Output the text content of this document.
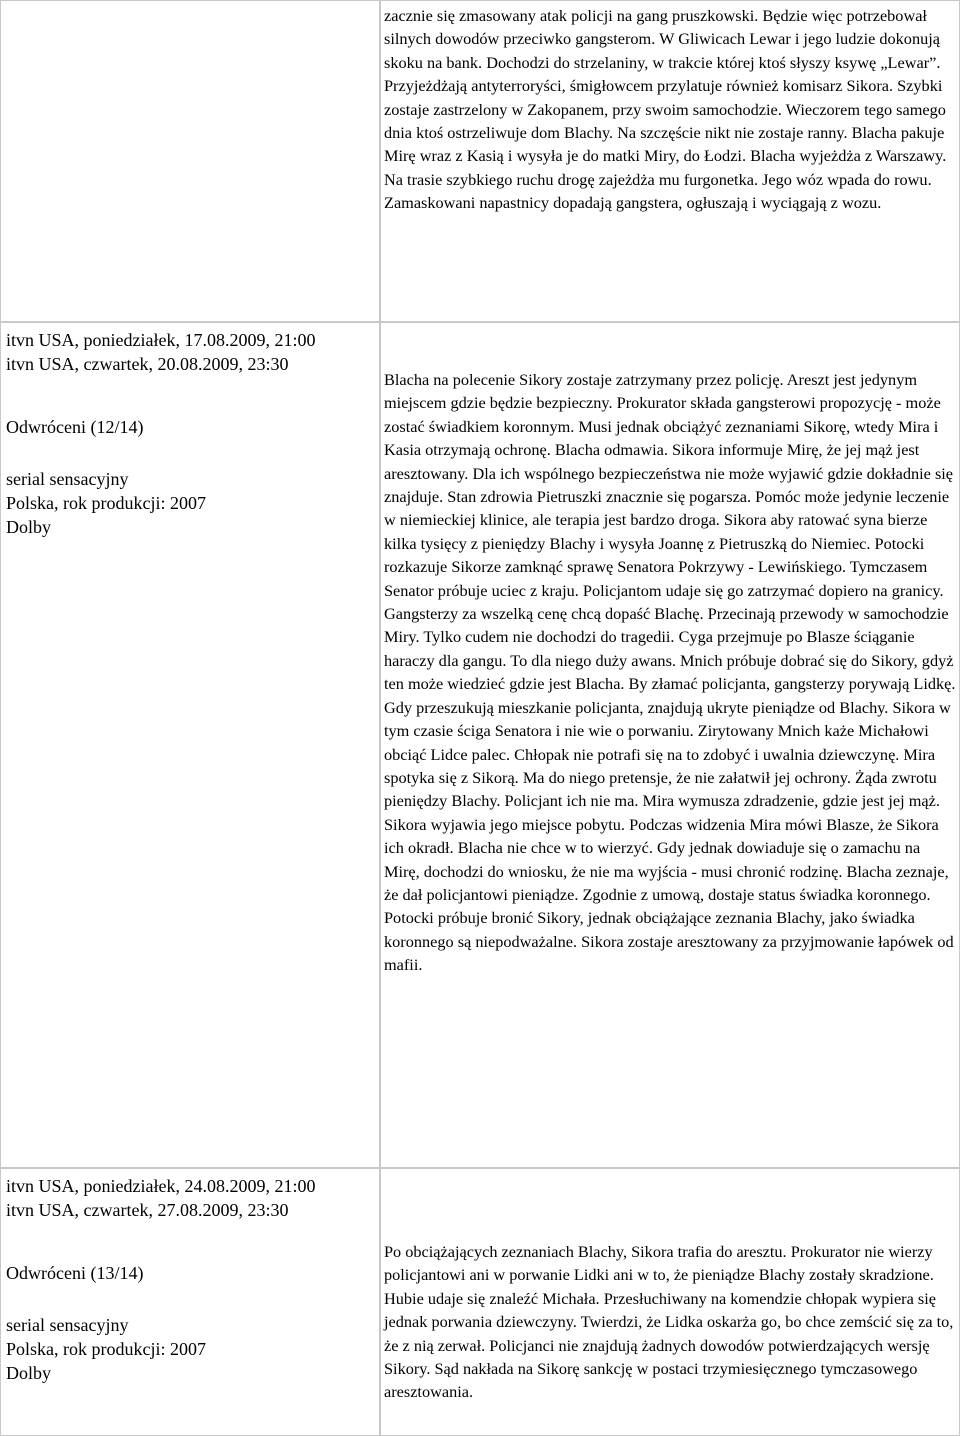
zacznie się zmasowany atak policji na gang pruszkowski. Będzie więc potrzebował silnych dowodów przeciwko gangsterom. W Gliwicach Lewar i jego ludzie dokonują skoku na bank. Dochodzi do strzelaniny, w trakcie której ktoś słyszy ksywę „Lewar”. Przyjeżdżają antyterroryści, śmigłowcem przylatuje również komisarz Sikora. Szybki zostaje zastrzelony w Zakopanem, przy swoim samochodzie. Wieczorem tego samego dnia ktoś ostrzeliwuje dom Blachy. Na szczęście nikt nie zostaje ranny. Blacha pakuje Mirę wraz z Kasią i wysyła je do matki Miry, do Łodzi. Blacha wyjeżdża z Warszawy. Na trasie szybkiego ruchu drogę zajeżdża mu furgonetka. Jego wóz wpada do rowu. Zamaskowani napastnicy dopadają gangstera, ogłuszają i wyciągają z wozu.

itvn USA, poniedziałek, 17.08.2009, 21:00
itvn USA, czwartek, 20.08.2009, 23:30
Odwróceni (12/14)
serial sensacyjny
Polska, rok produkcji: 2007
Dolby

Blacha na polecenie Sikory zostaje zatrzymany przez policję. Areszt jest jedynym miejscem gdzie będzie bezpieczny. Prokurator składa gangsterowi propozycję - może zostać świadkiem koronnym. Musi jednak obciążyć zeznaniami Sikorę, wtedy Mira i Kasia otrzymają ochronę. Blacha odmawia. Sikora informuje Mirę, że jej mąż jest aresztowany. Dla ich wspólnego bezpieczeństwa nie może wyjawić gdzie dokładnie się znajduje. Stan zdrowia Pietruszki znacznie się pogarsza. Pomóc może jedynie leczenie w niemieckiej klinice, ale terapia jest bardzo droga. Sikora aby ratować syna bierze kilka tysięcy z pieniędzy Blachy i wysyła Joannę z Pietruszką do Niemiec. Potocki rozkazuje Sikorze zamknąć sprawę Senatora Pokrzywy - Lewińskiego. Tymczasem Senator próbuje uciec z kraju. Policjantom udaje się go zatrzymać dopiero na granicy. Gangsterzy za wszelką cenę chcą dopaść Blachę. Przecinają przewody w samochodzie Miry. Tylko cudem nie dochodzi do tragedii. Cyga przejmuje po Blasze ściąganie haraczy dla gangu. To dla niego duży awans. Mnich próbuje dobrać się do Sikory, gdyż ten może wiedzieć gdzie jest Blacha. By złamać policjanta, gangsterzy porywają Lidkę. Gdy przeszukują mieszkanie policjanta, znajdują ukryte pieniądze od Blachy. Sikora w tym czasie ściga Senatora i nie wie o porwaniu. Zirytowany Mnich każe Michałowi obciąć Lidce palec. Chłopak nie potrafi się na to zdobyć i uwalnia dziewczynę. Mira spotyka się z Sikorą. Ma do niego pretensje, że nie załatwił jej ochrony. Żąda zwrotu pieniędzy Blachy. Policjant ich nie ma. Mira wymusza zdradzenie, gdzie jest jej mąż. Sikora wyjawia jego miejsce pobytu. Podczas widzenia Mira mówi Blasze, że Sikora ich okradł. Blacha nie chce w to wierzyć. Gdy jednak dowiaduje się o zamachu na Mirę, dochodzi do wniosku, że nie ma wyjścia - musi chronić rodzinę. Blacha zeznaje, że dał policjantowi pieniądze. Zgodnie z umową, dostaje status świadka koronnego. Potocki próbuje bronić Sikory, jednak obciążające zeznania Blachy, jako świadka koronnego są niepodważalne. Sikora zostaje aresztowany za przyjmowanie łapówek od mafii.

itvn USA, poniedziałek, 24.08.2009, 21:00
itvn USA, czwartek, 27.08.2009, 23:30
Odwróceni (13/14)
serial sensacyjny
Polska, rok produkcji: 2007
Dolby

Po obciążających zeznaniach Blachy, Sikora trafia do aresztu. Prokurator nie wierzy policjantowi ani w porwanie Lidki ani w to, że pieniądze Blachy zostały skradzione. Hubie udaje się znaleźć Michała. Przesłuchiwany na komendzie chłopak wypiera się jednak porwania dziewczyny. Twierdzi, że Lidka oskarża go, bo chce zemścić się za to, że z nią zerwał. Policjanci nie znajdują żadnych dowodów potwierdzających wersję Sikory. Sąd nakłada na Sikorę sankcję w postaci trzymiesięcznego tymczasowego aresztowania.
